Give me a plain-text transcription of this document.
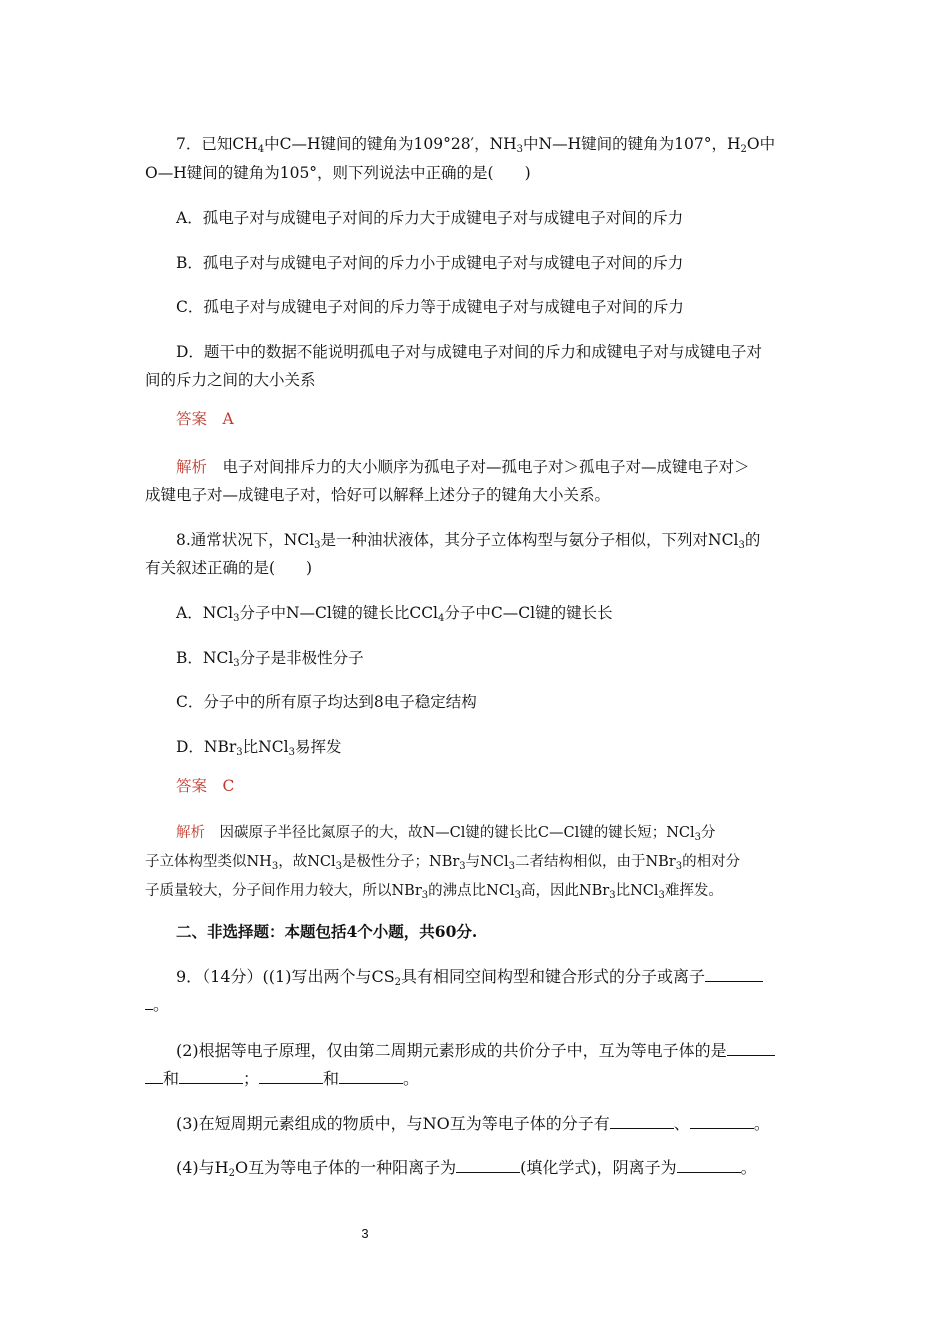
7．已知$CH_4$中C—H键间的键角为109°28′，$NH_3$中N—H键间的键角为107°，$H_2O$中
O—H键间的键角为105°，则下列说法中正确的是(　　)
A．孤电子对与成键电子对间的斥力大于成键电子对与成键电子对间的斥力
B．孤电子对与成键电子对间的斥力小于成键电子对与成键电子对间的斥力
C．孤电子对与成键电子对间的斥力等于成键电子对与成键电子对间的斥力
D．题干中的数据不能说明孤电子对与成键电子对间的斥力和成键电子对与成键电子对
间的斥力之间的大小关系
答案　A
解析　电子对间排斥力的大小顺序为孤电子对—孤电子对＞孤电子对—成键电子对＞
成键电子对—成键电子对，恰好可以解释上述分子的键角大小关系。
8.通常状况下，NCl$_3$是一种油状液体，其分子立体构型与氨分子相似，下列对NCl$_3$的
有关叙述正确的是(　　)
A．NCl$_3$分子中N—Cl键的键长比CCl$_4$分子中C—Cl键的键长长
B．NCl$_3$分子是非极性分子
C．分子中的所有原子均达到8电子稳定结构
D．NBr$_3$比NCl$_3$易挥发
答案　C
解析　因碳原子半径比氮原子的大，故N—Cl键的键长比C—Cl键的键长短；NCl$_3$分
子立体构型类似$NH_3$，故NCl$_3$是极性分子；NBr$_3$与NCl$_3$二者结构相似，由于NBr$_3$的相对分
子质量较大，分子间作用力较大，所以NBr$_3$的沸点比NCl$_3$高，因此NBr$_3$比NCl$_3$难挥发。
二、非选择题：本题包括4个小题，共60分.
9．（14分）((1)写出两个与$CS_2$具有相同空间构型和键合形式的分子或离子
。
(2)根据等电子原理，仅由第二周期元素形成的共价分子中，互为等电子体的是
和	；	和	。
(3)在短周期元素组成的物质中，与NO互为等电子体的分子有	、	。
(4)与$H_2O$互为等电子体的一种阳离子为	(填化学式)，阴离子为	。
3
